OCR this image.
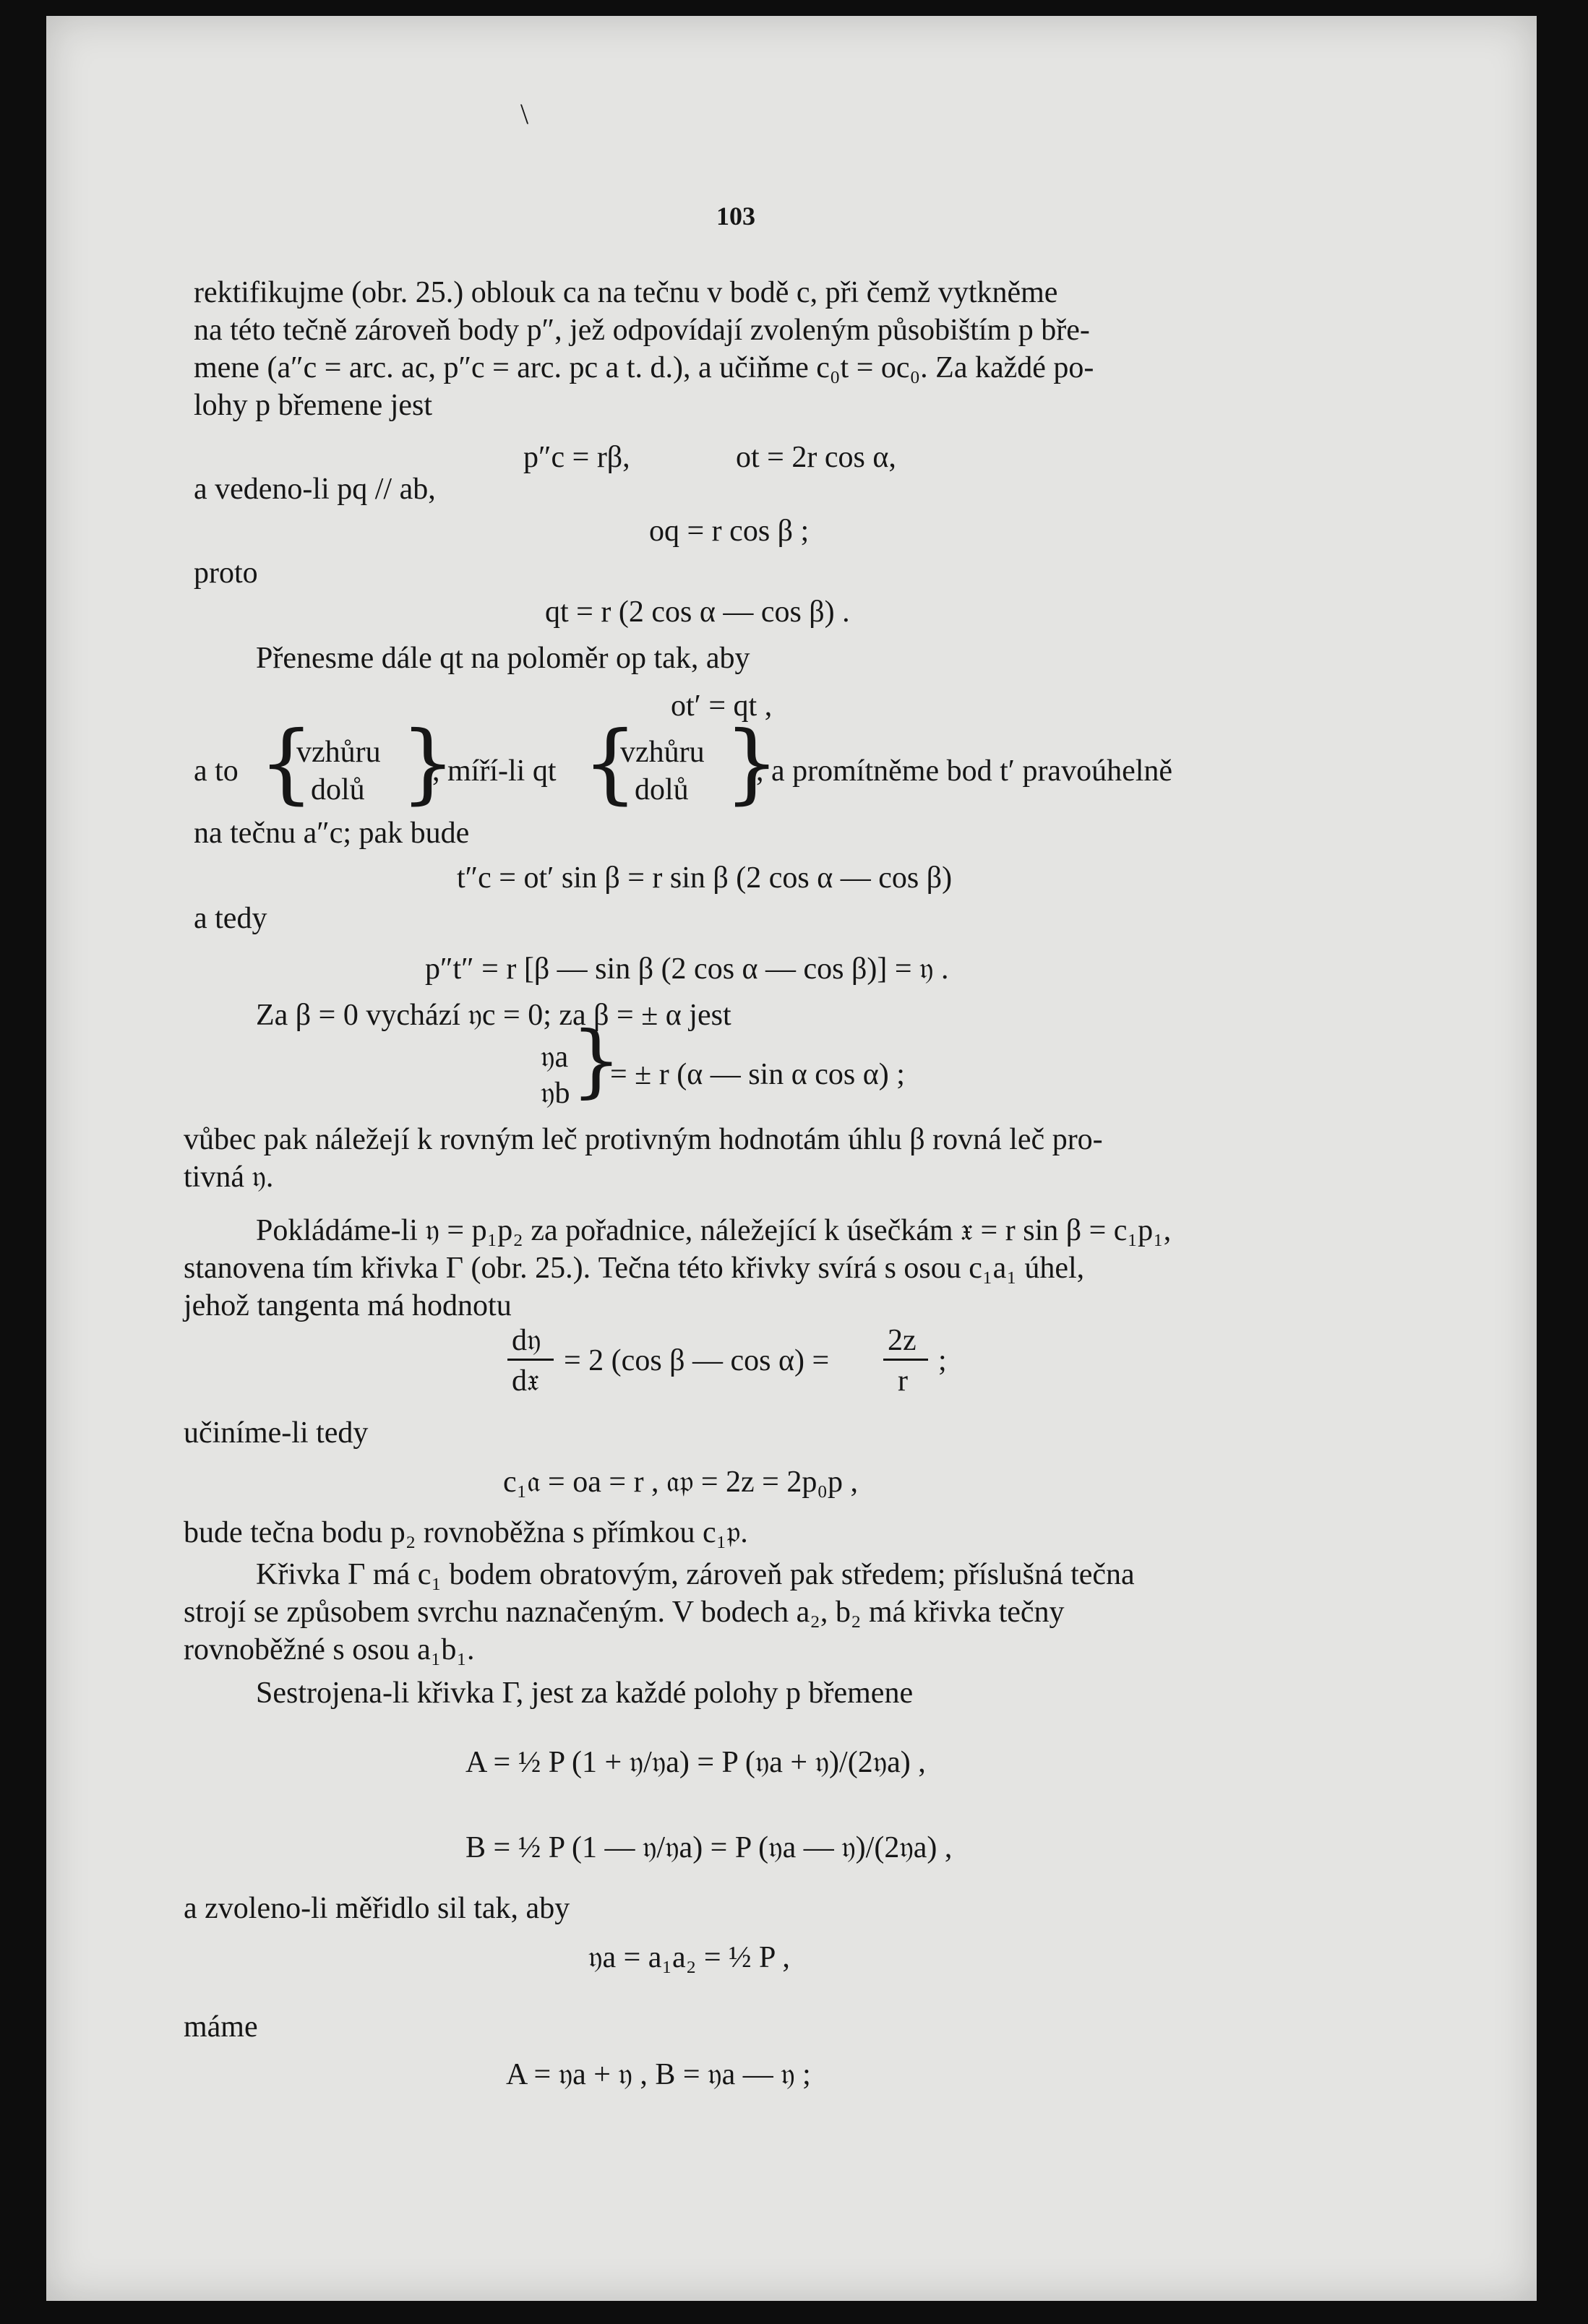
\
103
rektifikujme (obr. 25.) oblouk ca na tečnu v bodě c, při čemž vytkněme
na této tečně zároveň body p″, jež odpovídají zvoleným působištím p bře-
mene (a″c = arc. ac, p″c = arc. pc a t. d.), a učiňme c₀t = oc₀. Za každé po-
lohy p břemene jest
p″c = rβ,	ot = 2r cos α,
a vedeno-li pq // ab,
oq = r cos β ;
proto
qt = r (2 cos α — cos β) .
Přenesme dále qt na poloměr op tak, aby
ot′ = qt ,
a to {
vzhůru
dolů }
, míří-li qt {
vzhůru
dolů }
, a promítněme bod t′ pravoúhelně
na tečnu a″c; pak bude
t″c = ot′ sin β = r sin β (2 cos α — cos β)
a tedy
p″t″ = r [β — sin β (2 cos α — cos β)] = 𝔶 .
Za β = 0 vychází 𝔶c = 0; za β = ± α jest
𝔶a
𝔶b }
= ± r (α — sin α cos α) ;
vůbec pak náležejí k rovným leč protivným hodnotám úhlu β rovná leč pro-
tivná 𝔶.
Pokládáme-li 𝔶 = p₁p₂ za pořadnice, náležející k úsečkám 𝔵 = r sin β = c₁p₁,
stanovena tím křivka Γ (obr. 25.). Tečna této křivky svírá s osou c₁a₁ úhel,
jehož tangenta má hodnotu
d𝔶
d𝔵
= 2 (cos β — cos α) =
2z
r
;
učiníme-li tedy
c₁𝔞 = oa = r , 𝔞𝔭 = 2z = 2p₀p ,
bude tečna bodu p₂ rovnoběžna s přímkou c₁𝔭.
Křivka Γ má c₁ bodem obratovým, zároveň pak středem; příslušná tečna
strojí se způsobem svrchu naznačeným. V bodech a₂, b₂ má křivka tečny
rovnoběžné s osou a₁b₁.
Sestrojena-li křivka Γ, jest za každé polohy p břemene
A = ½ P (1 + 𝔶/𝔶a) = P (𝔶a + 𝔶)/(2𝔶a) ,
B = ½ P (1 — 𝔶/𝔶a) = P (𝔶a — 𝔶)/(2𝔶a) ,
a zvoleno-li měřidlo sil tak, aby
𝔶a = a₁a₂ = ½ P ,
máme
A = 𝔶a + 𝔶 , B = 𝔶a — 𝔶 ;
